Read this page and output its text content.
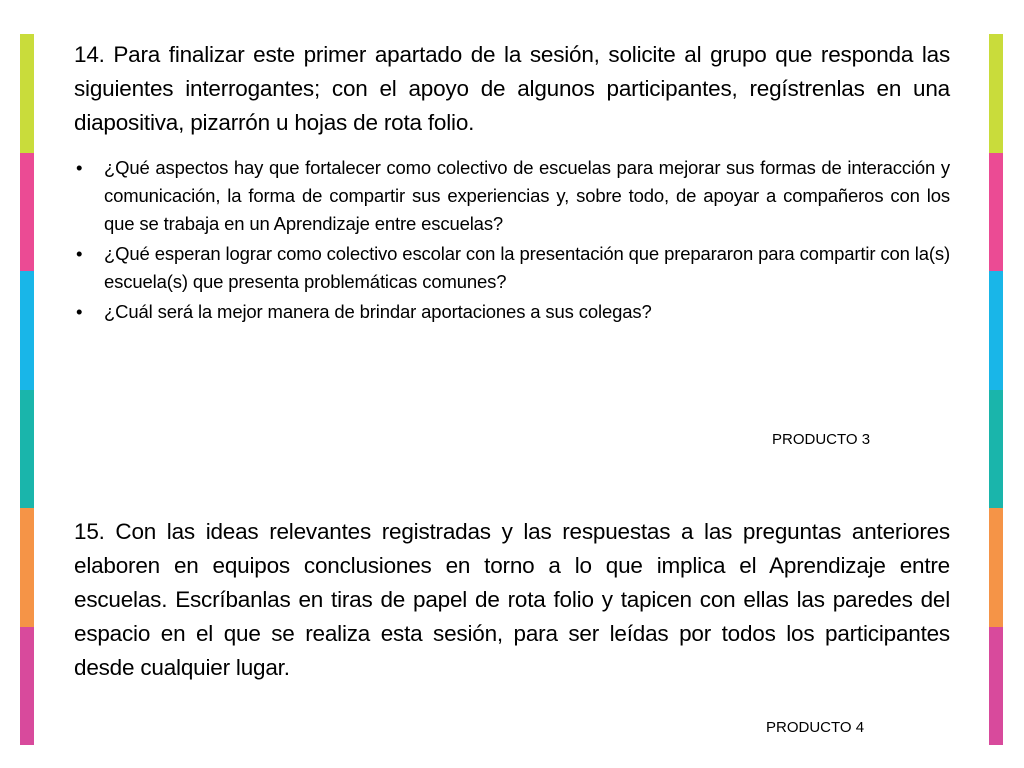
14. Para finalizar este primer apartado de la sesión, solicite al grupo que responda las siguientes interrogantes; con el apoyo de algunos participantes, regístrenlas en una diapositiva, pizarrón u hojas de rota folio.

• ¿Qué aspectos hay que fortalecer como colectivo de escuelas para mejorar sus formas de interacción y comunicación, la forma de compartir sus experiencias y, sobre todo, de apoyar a compañeros con los que se trabaja en un Aprendizaje entre escuelas?
• ¿Qué esperan lograr como colectivo escolar con la presentación que prepararon para compartir con la(s) escuela(s) que presenta problemáticas comunes?
• ¿Cuál será la mejor manera de brindar aportaciones a sus colegas?
PRODUCTO 3

15. Con las ideas relevantes registradas y las respuestas a las preguntas anteriores elaboren en equipos conclusiones en torno a lo que implica el Aprendizaje entre escuelas. Escríbanlas en tiras de papel de rota folio y tapicen con ellas las paredes del espacio en el que se realiza esta sesión, para ser leídas por todos los participantes desde cualquier lugar.

PRODUCTO 4
